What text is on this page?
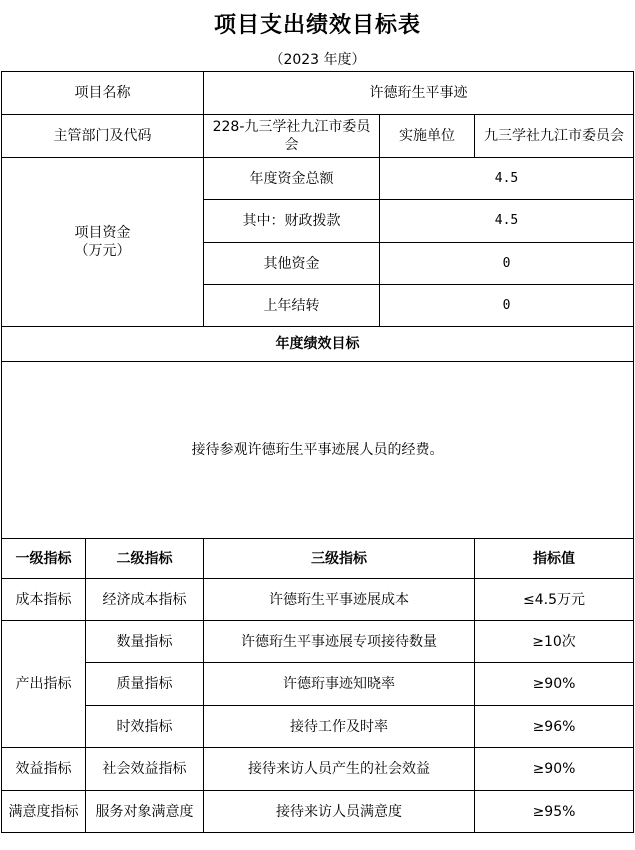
项目支出绩效目标表
（2023 年度）
项目名称		许德珩生平事迹		
主管部门及代码		228-九三学社九江市委员会	实施单位	九三学社九江市委员会
项目资金
（万元）		年度资金总额	4.5	
		其中：财政拨款	4.5	
		其他资金	0	
		上年结转	0	
年度绩效目标				
接待参观许德珩生平事迹展人员的经费。				
一级指标	二级指标	三级指标		指标值
成本指标	经济成本指标	许德珩生平事迹展成本		≤4.5万元
产出指标	数量指标	许德珩生平事迹展专项接待数量		≥10次
	质量指标	许德珩事迹知晓率		≥90%
	时效指标	接待工作及时率		≥96%
效益指标	社会效益指标	接待来访人员产生的社会效益		≥90%
满意度指标	服务对象满意度	接待来访人员满意度		≥95%
